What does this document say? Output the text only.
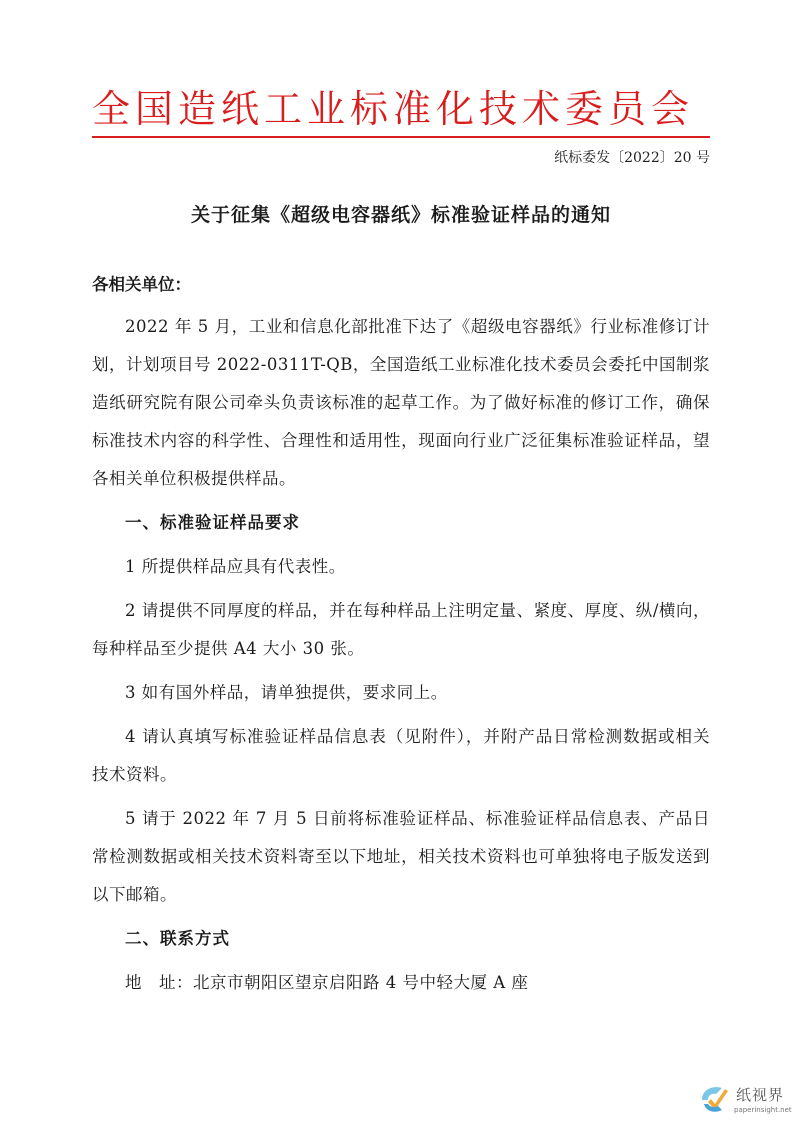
全国造纸工业标准化技术委员会
纸标委发〔2022〕20 号
关于征集《超级电容器纸》标准验证样品的通知

各相关单位：

2022 年 5 月，工业和信息化部批准下达了《超级电容器纸》行业标准修订计划，计划项目号 2022-0311T-QB，全国造纸工业标准化技术委员会委托中国制浆造纸研究院有限公司牵头负责该标准的起草工作。为了做好标准的修订工作，确保标准技术内容的科学性、合理性和适用性，现面向行业广泛征集标准验证样品，望各相关单位积极提供样品。

一、标准验证样品要求

1 所提供样品应具有代表性。

2 请提供不同厚度的样品，并在每种样品上注明定量、紧度、厚度、纵/横向，每种样品至少提供 A4 大小 30 张。

3 如有国外样品，请单独提供，要求同上。

4 请认真填写标准验证样品信息表（见附件），并附产品日常检测数据或相关技术资料。

5 请于 2022 年 7 月 5 日前将标准验证样品、标准验证样品信息表、产品日常检测数据或相关技术资料寄至以下地址，相关技术资料也可单独将电子版发送到以下邮箱。

二、联系方式

地　址：北京市朝阳区望京启阳路 4 号中轻大厦 A 座

纸视界
paperinsight.net
